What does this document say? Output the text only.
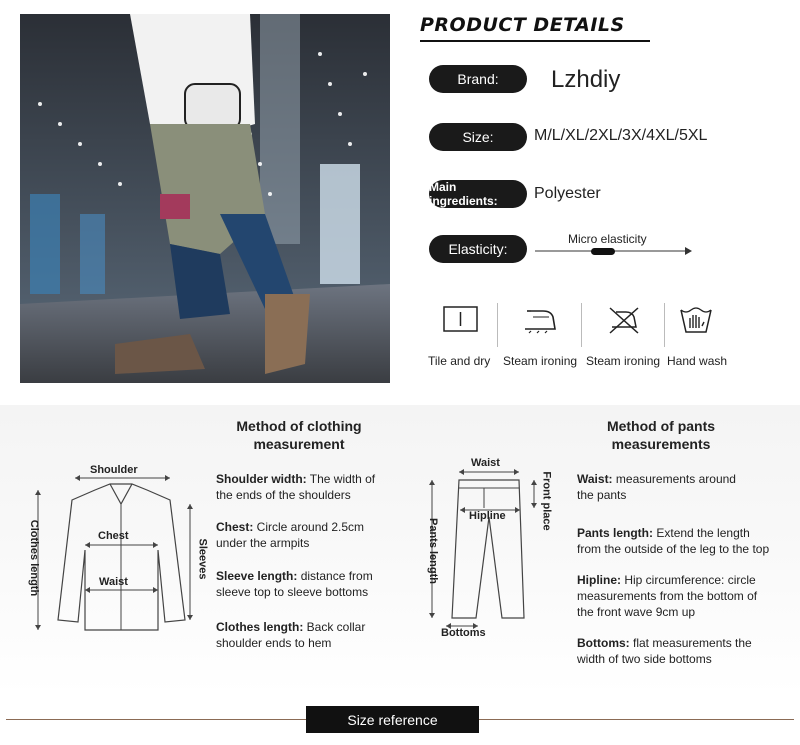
PRODUCT DETAILS
Brand:	Lzhdiy
Size:	M/L/XL/2XL/3X/4XL/5XL
Main ingredients:	Polyester
Elasticity:
Micro elasticity
Tile and dry Steam ironing Steam ironing Hand wash
Method of clothing
measurement
Method of pants
measurements
Shoulder
Chest
Waist
Clothes length	Sleeves
Shoulder width: The width of
the ends of the shoulders
Chest: Circle around 2.5cm
under the armpits
Sleeve length: distance from
sleeve top to sleeve bottoms
Clothes length: Back collar
shoulder ends to hem
Waist
Hipline	Front place
Pants length
Bottoms
Waist: measurements around
the pants
Pants length: Extend the length
from the outside of the leg to the top
Hipline: Hip circumference: circle
measurements from the bottom of
the front wave 9cm up
Bottoms: flat measurements the
width of two side bottoms
Size reference
